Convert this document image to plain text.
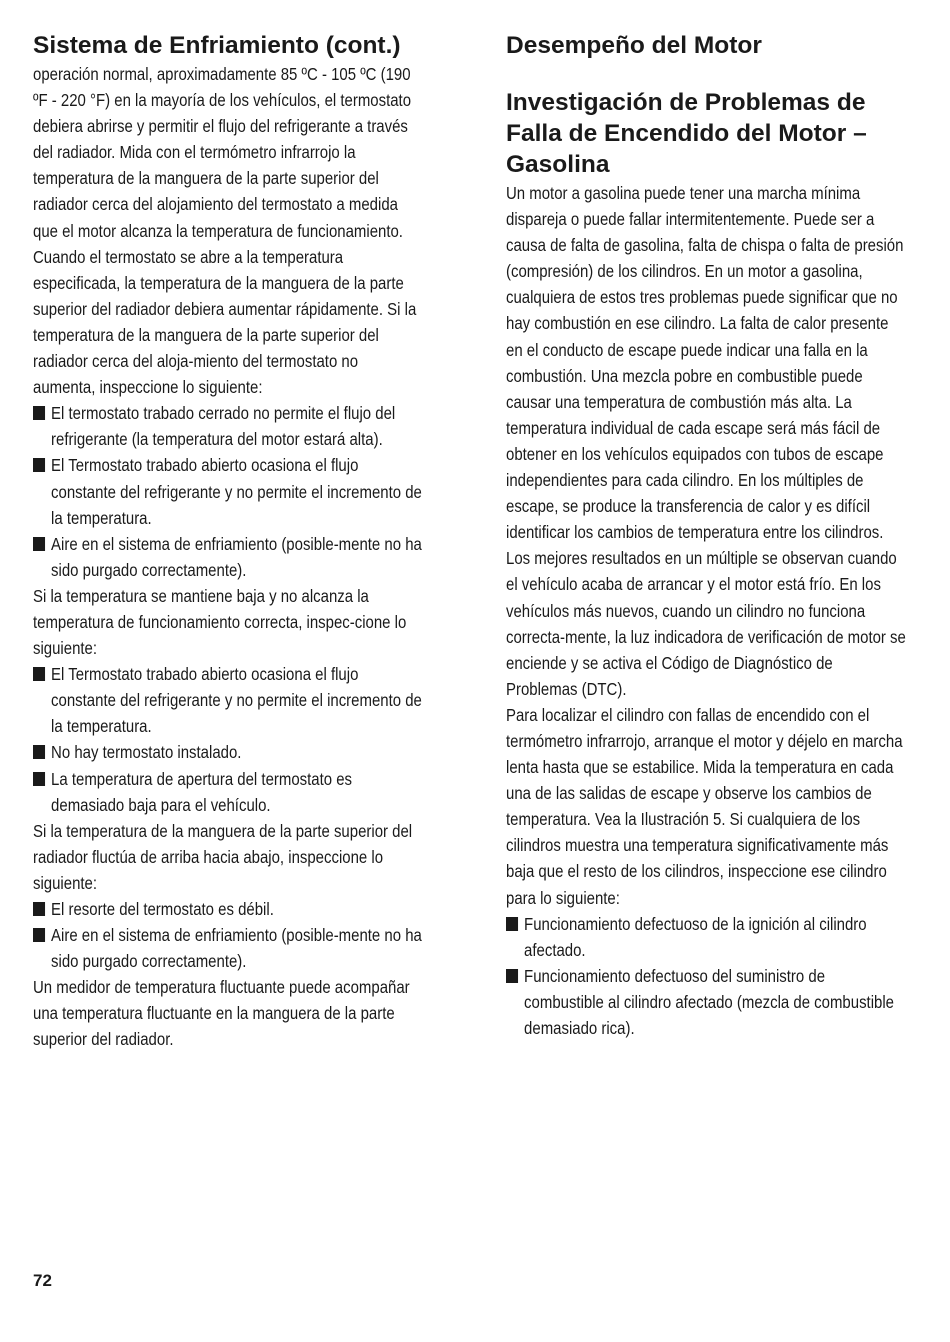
Sistema de Enfriamiento (cont.)

operación normal, aproximadamente 85 ºC - 105 ºC (190 ºF - 220 °F) en la mayoría de los vehículos, el termostato debiera abrirse y permitir el flujo del refrigerante a través del radiador. Mida con el termómetro infrarrojo la temperatura de la manguera de la parte superior del radiador cerca del alojamiento del termostato a medida que el motor alcanza la temperatura de funcionamiento. Cuando el termostato se abre a la temperatura especificada, la temperatura de la manguera de la parte superior del radiador debiera aumentar rápidamente. Si la temperatura de la manguera de la parte superior del radiador cerca del aloja-miento del termostato no aumenta, inspeccione lo siguiente:

El termostato trabado cerrado no permite el flujo del refrigerante (la temperatura del motor estará alta).
El Termostato trabado abierto ocasiona el flujo constante del refrigerante y no permite el incremento de la temperatura.
Aire en el sistema de enfriamiento (posible-mente no ha sido purgado correctamente).

Si la temperatura se mantiene baja y no alcanza la temperatura de funcionamiento correcta, inspec-cione lo siguiente:

El Termostato trabado abierto ocasiona el flujo constante del refrigerante y no permite el incremento de la temperatura.
No hay termostato instalado.
La temperatura de apertura del termostato es demasiado baja para el vehículo.

Si la temperatura de la manguera de la parte superior del radiador fluctúa de arriba hacia abajo, inspeccione lo siguiente:

El resorte del termostato es débil.
Aire en el sistema de enfriamiento (posible-mente no ha sido purgado correctamente).

Un medidor de temperatura fluctuante puede acompañar una temperatura fluctuante en la manguera de la parte superior del radiador.

Desempeño del Motor
Investigación de Problemas de Falla de Encendido del Motor – Gasolina

Un motor a gasolina puede tener una marcha mínima dispareja o puede fallar intermitentemente. Puede ser a causa de falta de gasolina, falta de chispa o falta de presión (compresión) de los cilindros. En un motor a gasolina, cualquiera de estos tres problemas puede significar que no hay combustión en ese cilindro. La falta de calor presente en el conducto de escape puede indicar una falla en la combustión. Una mezcla pobre en combustible puede causar una temperatura de combustión más alta. La temperatura individual de cada escape será más fácil de obtener en los vehículos equipados con tubos de escape independientes para cada cilindro. En los múltiples de escape, se produce la transferencia de calor y es difícil identificar los cambios de temperatura entre los cilindros. Los mejores resultados en un múltiple se observan cuando el vehículo acaba de arrancar y el motor está frío. En los vehículos más nuevos, cuando un cilindro no funciona correcta-mente, la luz indicadora de verificación de motor se enciende y se activa el Código de Diagnóstico de Problemas (DTC).

Para localizar el cilindro con fallas de encendido con el termómetro infrarrojo, arranque el motor y déjelo en marcha lenta hasta que se estabilice. Mida la temperatura en cada una de las salidas de escape y observe los cambios de temperatura. Vea la Ilustración 5. Si cualquiera de los cilindros muestra una temperatura significativamente más baja que el resto de los cilindros, inspeccione ese cilindro para lo siguiente:

Funcionamiento defectuoso de la ignición al cilindro afectado.
Funcionamiento defectuoso del suministro de combustible al cilindro afectado (mezcla de combustible demasiado rica).
72
